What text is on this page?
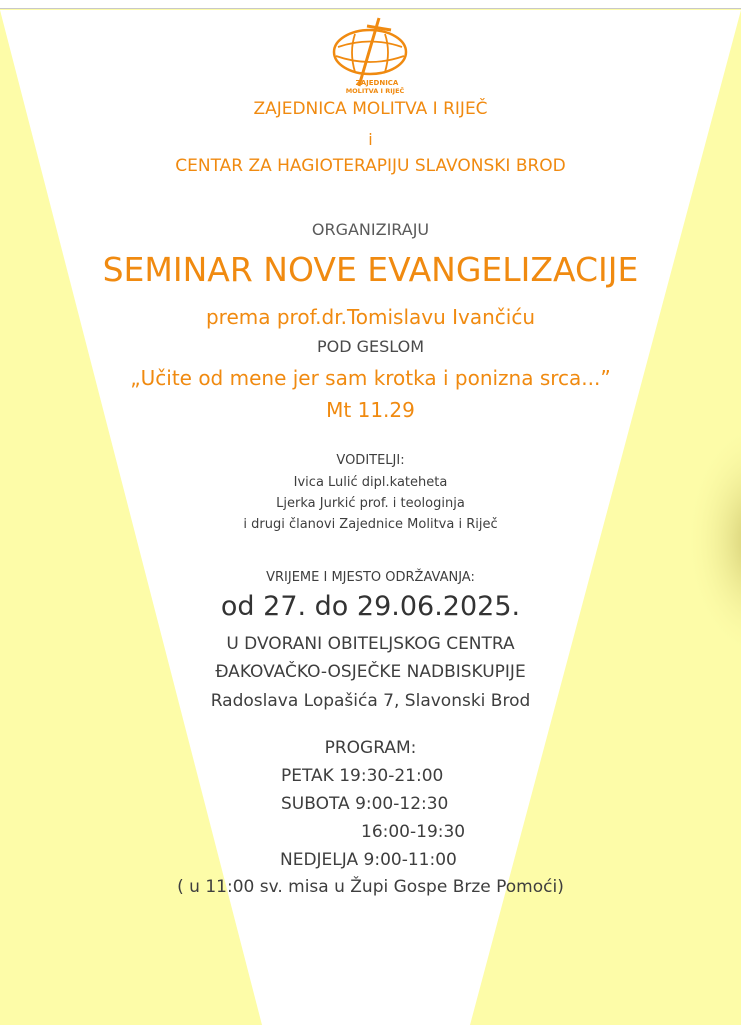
ZAJEDNICA
MOLITVA I RIJEČ
ZAJEDNICA MOLITVA I RIJEČ
i
CENTAR ZA HAGIOTERAPIJU SLAVONSKI BROD
ORGANIZIRAJU
SEMINAR NOVE EVANGELIZACIJE
prema prof.dr.Tomislavu Ivančiću
POD GESLOM
„Učite od mene jer sam krotka i ponizna srca...”
Mt 11.29
VODITELJI:
Ivica Lulić dipl.kateheta
Ljerka Jurkić prof. i teologinja
i drugi članovi Zajednice Molitva i Riječ
VRIJEME I MJESTO ODRŽAVANJA:
od 27. do 29.06.2025.
U DVORANI OBITELJSKOG CENTRA
ĐAKOVAČKO-OSJEČKE NADBISKUPIJE
Radoslava Lopašića 7, Slavonski Brod
PROGRAM:
PETAK 19:30-21:00
SUBOTA 9:00-12:30
16:00-19:30
NEDJELJA 9:00-11:00
( u 11:00 sv. misa u Župi Gospe Brze Pomoći)
